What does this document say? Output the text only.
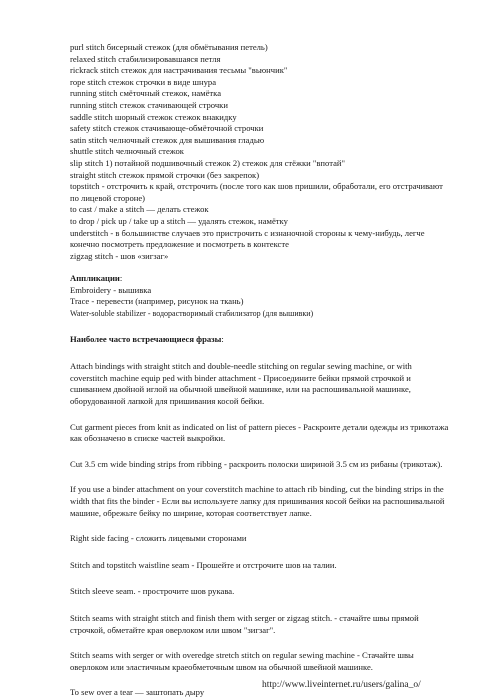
purl stitch бисерный стежок (для обмётывания петель)

relaxed stitch стабилизировавшаяся петля

rickrack stitch стежок для настрачивания тесьмы "вьюнчик"

rope stitch стежок строчки в виде шнура

running stitch смёточный стежок, намётка

running stitch стежок стачивающей строчки

saddle stitch шорный стежок стежок внакидку

safety stitch стежок стачивающе-обмёточной строчки

satin stitch челночный стежок для вышивания гладью

shuttle stitch челночный стежок

slip stitch 1) потайной подшивочный стежок 2) стежок для стёжки "впотай"

straight stitch стежок прямой строчки (без закрепок)

topstitch - отстрочить к край, отстрочить (после того как шов пришили, обработали, его отстрачивают по лицевой стороне)

to cast / make a stitch — делать стежок

to drop / pick up / take up a stitch — удалять стежок, намётку

understitch - в большинстве случаев это пристрочить с изнаночной стороны к чему-нибудь, легче конечно посмотреть предложение и посмотреть в контексте

zigzag stitch - шов «зигзаг»

Аппликации:

Embroidery - вышивка

Trace - перевести (например, рисунок на ткань)

Water-soluble stabilizer - водорастворимый стабилизатор (для вышивки)

Наиболее часто встречающиеся фразы:

Attach bindings with straight stitch and double-needle stitching on regular sewing machine, or with coverstitch machine equip ped with binder attachment - Присоедините бейки прямой строчкой и сшиванием двойной иглой на обычной швейной машинке, или на распошивальной машинке, оборудованной лапкой для пришивания косой бейки.

Cut garment pieces from knit as indicated on list of pattern pieces - Раскроите детали одежды из трикотажа как обозначено в списке частей выкройки.

Cut 3.5 cm wide binding strips from ribbing - раскроить полоски шириной 3.5 см из рибаны (трикотаж).

If you use a binder attachment on your coverstitch machine to attach rib binding, cut the binding strips in the width that fits the binder - Если вы используете лапку для пришивания косой бейки на распошивальной машине, обрежьте бейку по ширине, которая соответствует лапке.

Right side facing - сложить лицевыми сторонами

Stitch and topstitch waistline seam - Прошейте и отстрочите шов на талии.

Stitch sleeve seam. - прострочите шов рукава.

Stitch seams with straight stitch and finish them with serger or zigzag stitch. - стачайте швы прямой строчкой, обметайте края оверлоком или швом "зигзаг".

Stitch seams with serger or with overedge stretch stitch on regular sewing machine - Стачайте швы оверлоком или эластичным краеобметочным швом на обычной швейной машинке.

To sew over a tear — заштопать дыру

http://www.liveinternet.ru/users/galina_o/
